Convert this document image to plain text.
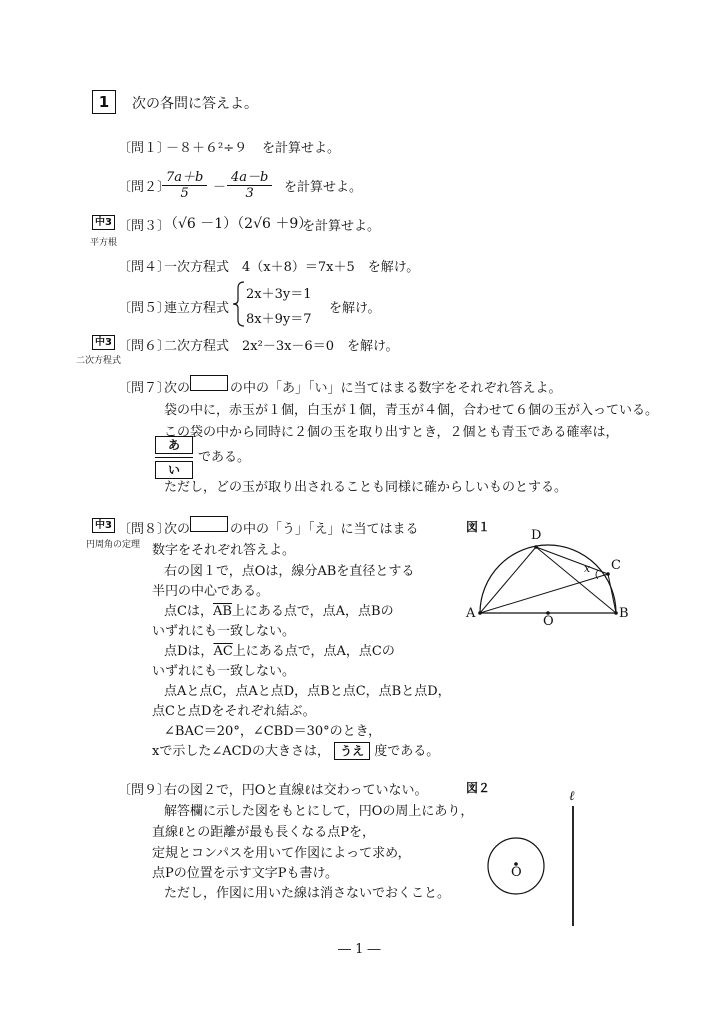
1	次の各問に答えよ。
〔問１〕
－８＋６²÷９ を計算せよ。
〔問２〕
$\frac{7a+b}{5} - \frac{4a-b}{3}$ を計算せよ。
中3
平方根
〔問３〕
（√6 －1）（2√6 ＋9）
を計算せよ。
〔問４〕
一次方程式　4（x＋8）＝7x＋5　を解け。
〔問５〕
連立方程式
2x＋3y＝1
8x＋9y＝7
を解け。
中3
二次方程式
〔問６〕
二次方程式　2x²－3x－6＝0　を解け。
〔問７〕
次の	の中の「あ」「い」に当てはまる数字をそれぞれ答えよ。
袋の中に，赤玉が１個，白玉が１個，青玉が４個，合わせて６個の玉が入っている。
この袋の中から同時に２個の玉を取り出すとき，２個とも青玉である確率は，
あ
い
である。
ただし，どの玉が取り出されることも同様に確からしいものとする。
中3
円周角の定理
〔問８〕
次の	の中の「う」「え」に当てはまる
数字をそれぞれ答えよ。
右の図１で，点Oは，線分ABを直径とする
半円の中心である。
点Cは，$\overline{AB}$上にある点で，点A，点Bの
いずれにも一致しない。
点Dは，$\overline{AC}$上にある点で，点A，点Cの
いずれにも一致しない。
点Aと点C，点Aと点D，点Bと点C，点Bと点D，
点Cと点Dをそれぞれ結ぶ。
∠BAC＝20°，∠CBD＝30°のとき，
xで示した∠ACDの大きさは， うえ 度である。
図１
A	B
C
D
O
x
〔問９〕
右の図２で，円Oと直線ℓは交わっていない。
解答欄に示した図をもとにして，円Oの周上にあり，
直線ℓとの距離が最も長くなる点Pを，
定規とコンパスを用いて作図によって求め，
点Pの位置を示す文字Pも書け。
ただし，作図に用いた線は消さないでおくこと。
図２
ℓ
O
― 1 ―
